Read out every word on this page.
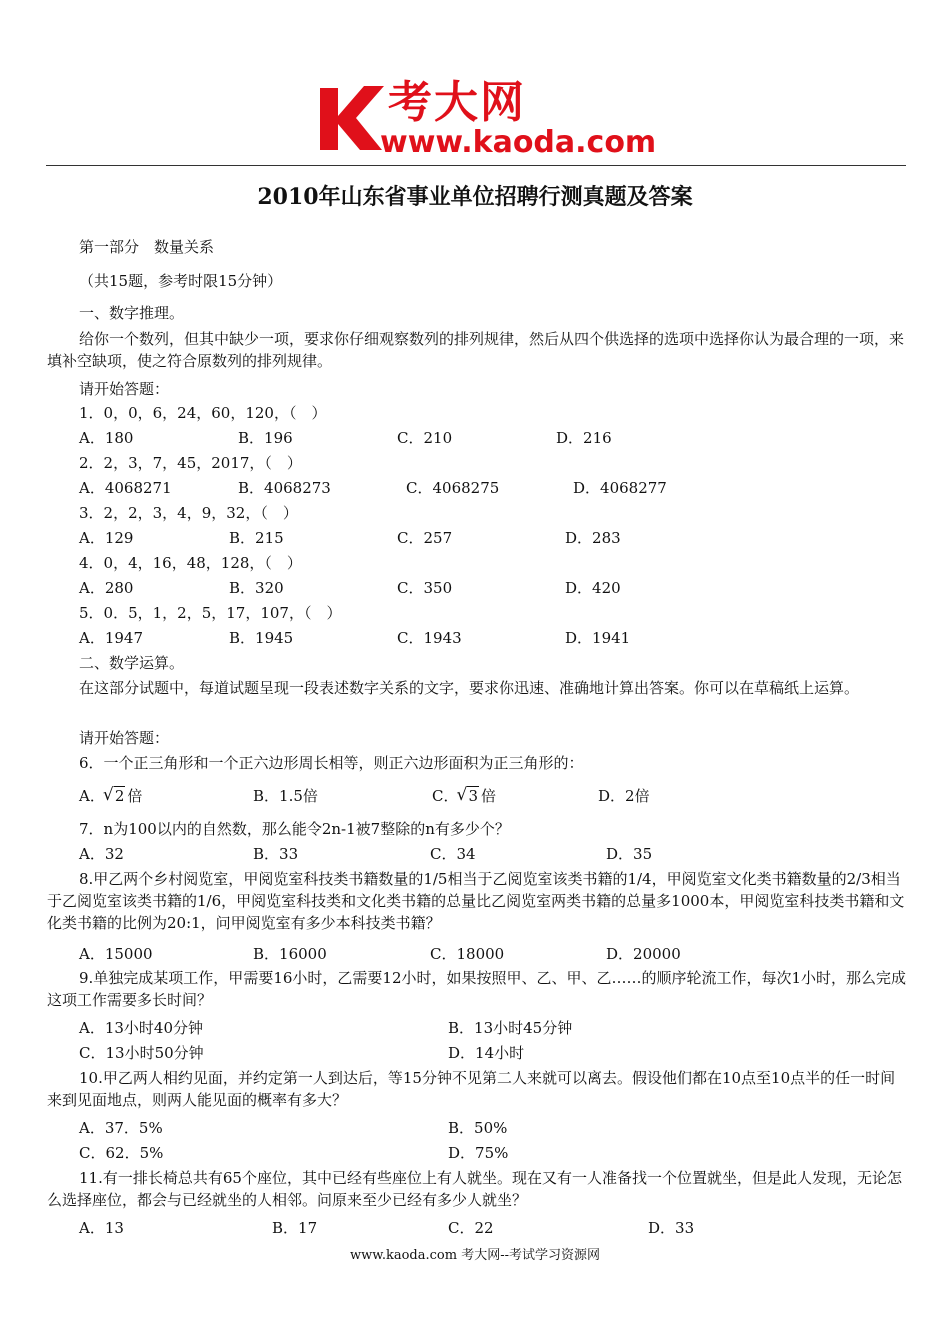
考大网
www.kaoda.com
2010年山东省事业单位招聘行测真题及答案
第一部分　数量关系
（共15题，参考时限15分钟）
一、数字推理。
给你一个数列，但其中缺少一项，要求你仔细观察数列的排列规律，然后从四个供选择的选项中选择你认为最合理的一项，来填补空缺项，使之符合原数列的排列规律。
请开始答题：
1．0，0，6，24，60，120，（　）
A．180	B．196	C．210	D．216
2．2，3，7，45，2017，（　）
A．4068271	B．4068273	C．4068275	D．4068277
3．2，2，3，4，9，32，（　）
A．129	B．215	C．257	D．283
4．0，4，16，48，128，（　）
A．280	B．320	C．350	D．420
5．0．5，1，2，5，17，107，（　）
A．1947	B．1945	C．1943	D．1941
二、数学运算。
在这部分试题中，每道试题呈现一段表述数字关系的文字，要求你迅速、准确地计算出答案。你可以在草稿纸上运算。
请开始答题：
6．一个正三角形和一个正六边形周长相等，则正六边形面积为正三角形的：
A． √ 2 倍	B．1.5倍	C． √ 3 倍	D．2倍
7．n为100以内的自然数，那么能令2n-1被7整除的n有多少个？
A．32	B．33	C．34	D．35
8.甲乙两个乡村阅览室，甲阅览室科技类书籍数量的1/5相当于乙阅览室该类书籍的1/4，甲阅览室文化类书籍数量的2/3相当于乙阅览室该类书籍的1/6，甲阅览室科技类和文化类书籍的总量比乙阅览室两类书籍的总量多1000本，甲阅览室科技类书籍和文化类书籍的比例为20:1，问甲阅览室有多少本科技类书籍？
A．15000	B．16000	C．18000	D．20000
9.单独完成某项工作，甲需要16小时，乙需要12小时，如果按照甲、乙、甲、乙……的顺序轮流工作，每次1小时，那么完成这项工作需要多长时间？
A．13小时40分钟	B．13小时45分钟
C．13小时50分钟	D．14小时
10.甲乙两人相约见面，并约定第一人到达后，等15分钟不见第二人来就可以离去。假设他们都在10点至10点半的任一时间来到见面地点，则两人能见面的概率有多大？
A．37．5%	B．50%
C．62．5%	D．75%
11.有一排长椅总共有65个座位，其中已经有些座位上有人就坐。现在又有一人准备找一个位置就坐，但是此人发现，无论怎么选择座位，都会与已经就坐的人相邻。问原来至少已经有多少人就坐？
A．13	B．17	C．22	D．33
www.kaoda.com 考大网--考试学习资源网
